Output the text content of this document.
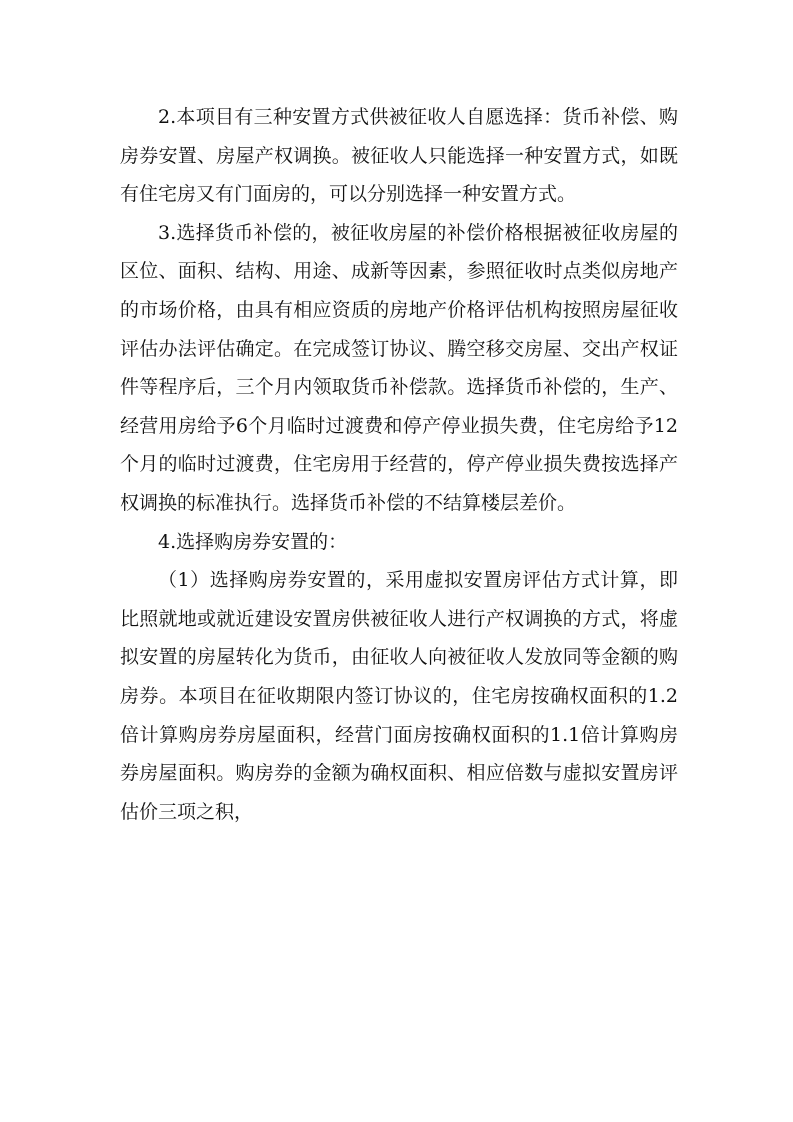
2.本项目有三种安置方式供被征收人自愿选择：货币补偿、购房券安置、房屋产权调换。被征收人只能选择一种安置方式，如既有住宅房又有门面房的，可以分别选择一种安置方式。

3.选择货币补偿的，被征收房屋的补偿价格根据被征收房屋的区位、面积、结构、用途、成新等因素，参照征收时点类似房地产的市场价格，由具有相应资质的房地产价格评估机构按照房屋征收评估办法评估确定。在完成签订协议、腾空移交房屋、交出产权证件等程序后，三个月内领取货币补偿款。选择货币补偿的，生产、经营用房给予6个月临时过渡费和停产停业损失费，住宅房给予12个月的临时过渡费，住宅房用于经营的，停产停业损失费按选择产权调换的标准执行。选择货币补偿的不结算楼层差价。

4.选择购房券安置的：

（1）选择购房券安置的，采用虚拟安置房评估方式计算，即比照就地或就近建设安置房供被征收人进行产权调换的方式，将虚拟安置的房屋转化为货币，由征收人向被征收人发放同等金额的购房券。本项目在征收期限内签订协议的，住宅房按确权面积的1.2倍计算购房券房屋面积，经营门面房按确权面积的1.1倍计算购房券房屋面积。购房券的金额为确权面积、相应倍数与虚拟安置房评估价三项之积，
